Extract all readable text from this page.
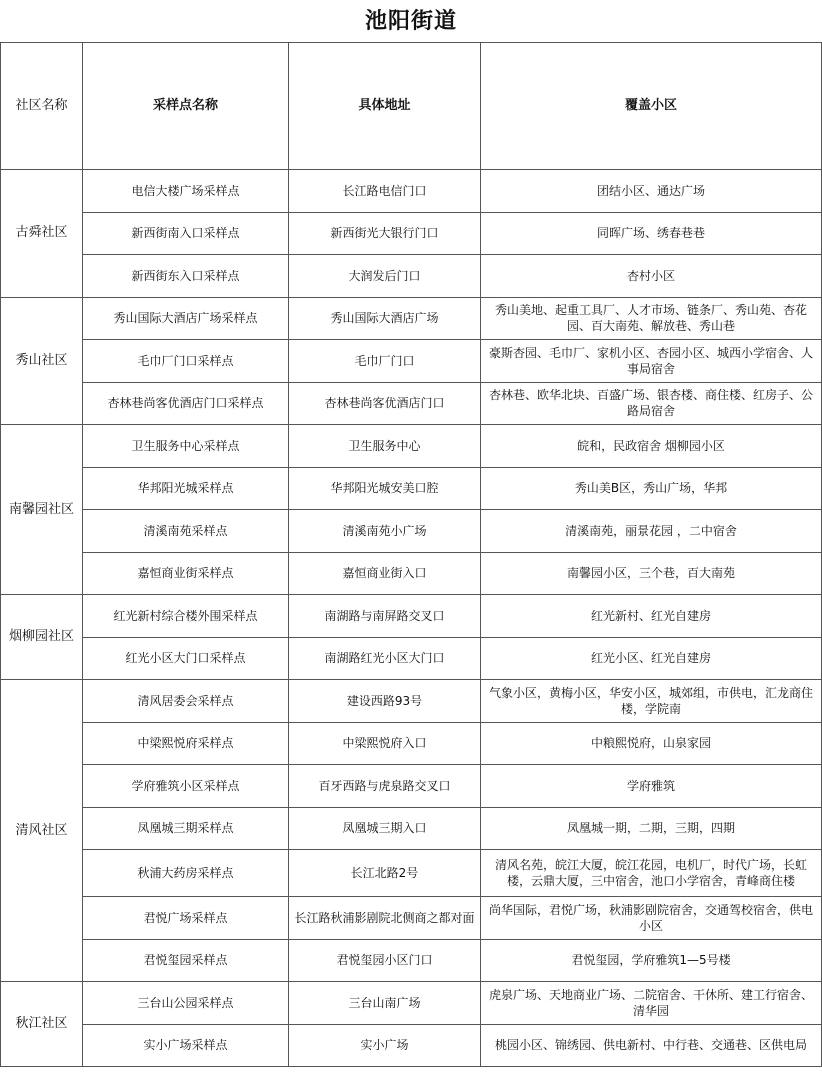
池阳街道
社区名称	采样点名称	具体地址	覆盖小区
古舜社区	电信大楼广场采样点	长江路电信门口	团结小区、通达广场
	新西街南入口采样点	新西街光大银行门口	同晖广场、绣春巷巷
	新西街东入口采样点	大润发后门口	杏村小区
秀山社区	秀山国际大酒店广场采样点	秀山国际大酒店广场	秀山美地、起重工具厂、人才市场、链条厂、秀山苑、杏花园、百大南苑、解放巷、秀山巷
	毛巾厂门口采样点	毛巾厂门口	豪斯杏园、毛巾厂、家机小区、杏园小区、城西小学宿舍、人事局宿舍
	杏林巷尚客优酒店门口采样点	杏林巷尚客优酒店门口	杏林巷、欧华北块、百盛广场、银杏楼、商住楼、红房子、公路局宿舍
南馨园社区	卫生服务中心采样点	卫生服务中心	皖和，民政宿舍 烟柳园小区
	华邦阳光城采样点	华邦阳光城安美口腔	秀山美B区，秀山广场，华邦
	清溪南苑采样点	清溪南苑小广场	清溪南苑，丽景花园 ，二中宿舍
	嘉恒商业街采样点	嘉恒商业街入口	南馨园小区，三个巷，百大南苑
烟柳园社区	红光新村综合楼外围采样点	南湖路与南屏路交叉口	红光新村、红光自建房
	红光小区大门口采样点	南湖路红光小区大门口	红光小区、红光自建房
清风社区	清风居委会采样点	建设西路93号	气象小区，黄梅小区，华安小区，城郊组，市供电，汇龙商住楼，学院南
	中梁熙悦府采样点	中梁熙悦府入口	中粮熙悦府，山泉家园
	学府雅筑小区采样点	百牙西路与虎泉路交叉口	学府雅筑
	凤凰城三期采样点	凤凰城三期入口	凤凰城一期，二期，三期，四期
	秋浦大药房采样点	长江北路2号	清风名苑，皖江大厦，皖江花园，电机厂，时代广场，长虹楼，云鼎大厦，三中宿舍，池口小学宿舍，青峰商住楼
	君悦广场采样点	长江路秋浦影剧院北侧商之都对面	尚华国际，君悦广场，秋浦影剧院宿舍，交通驾校宿舍，供电小区
	君悦玺园采样点	君悦玺园小区门口	君悦玺园，学府雅筑1—5号楼
秋江社区	三台山公园采样点	三台山南广场	虎泉广场、天地商业广场、二院宿舍、干休所、建工行宿舍、清华园
	实小广场采样点	实小广场	桃园小区、锦绣园、供电新村、中行巷、交通巷、区供电局
